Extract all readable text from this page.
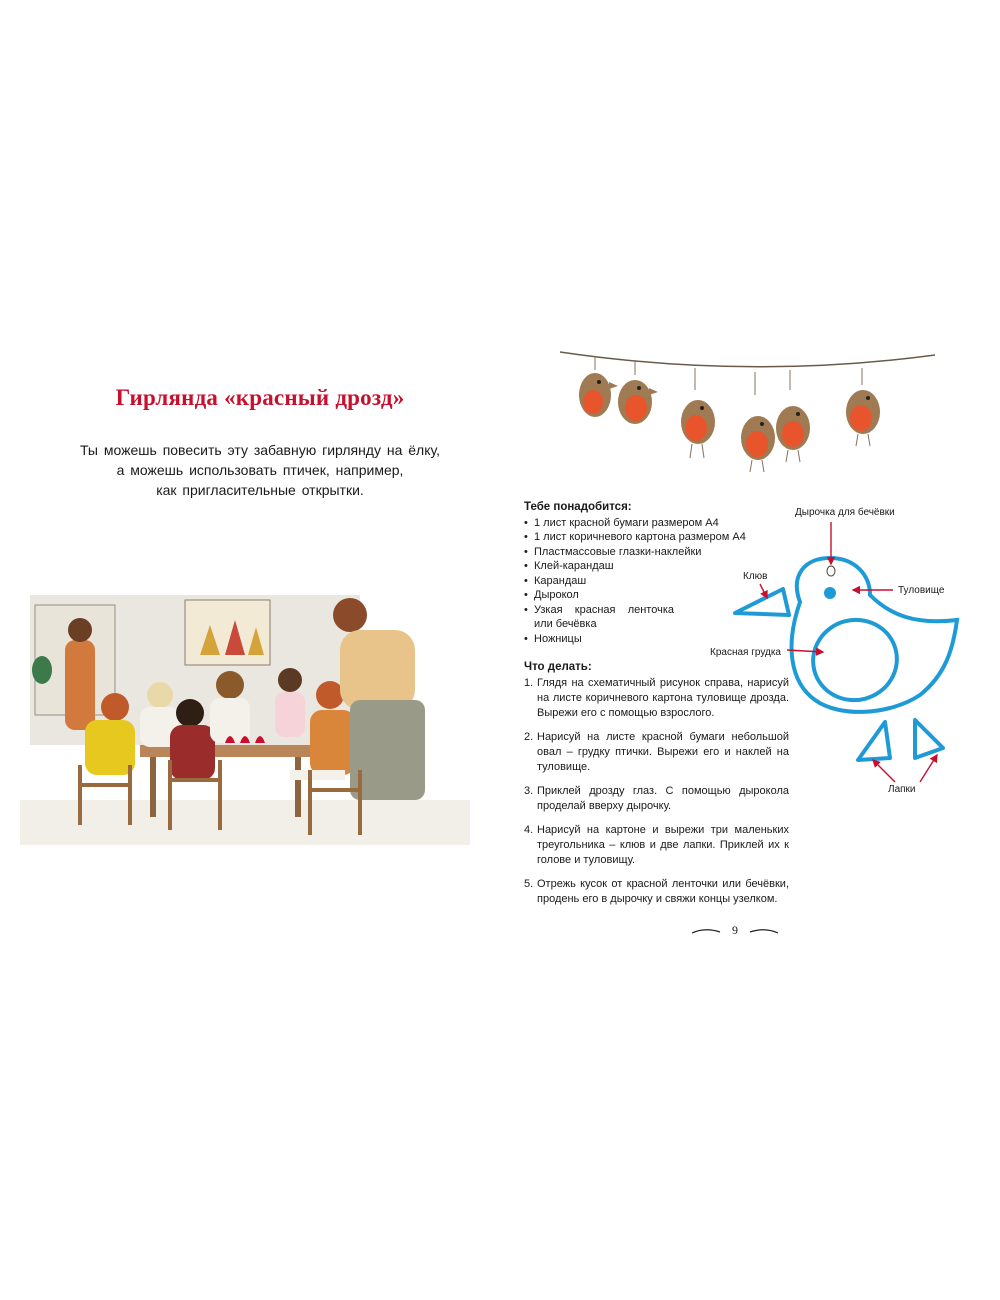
Гирлянда «красный дрозд»
Ты можешь повесить эту забавную гирлянду на ёлку,
а можешь использовать птичек, например,
как пригласительные открытки.
Тебе понадобится:
• 1 лист красной бумаги размером А4
• 1 лист коричневого картона размером А4
• Пластмассовые глазки-наклейки
• Клей-карандаш
• Карандаш
• Дырокол
• Узкая красная ленточка или бечёвка
• Ножницы
Что делать:
1. Глядя на схематичный рисунок справа, нарисуй на листе коричневого картона туловище дрозда. Вырежи его с помощью взрослого.
2. Нарисуй на листе красной бумаги небольшой овал – грудку птички. Вырежи его и наклей на туловище.
3. Приклей дрозду глаз. С помощью дырокола проделай вверху дырочку.
4. Нарисуй на картоне и вырежи три маленьких треугольника – клюв и две лапки. Приклей их к голове и туловищу.
5. Отрежь кусок от красной ленточки или бечёвки, продень его в дырочку и свяжи концы узелком.
Дырочка для бечёвки
Клюв
Туловище
Красная грудка
Лапки
9
